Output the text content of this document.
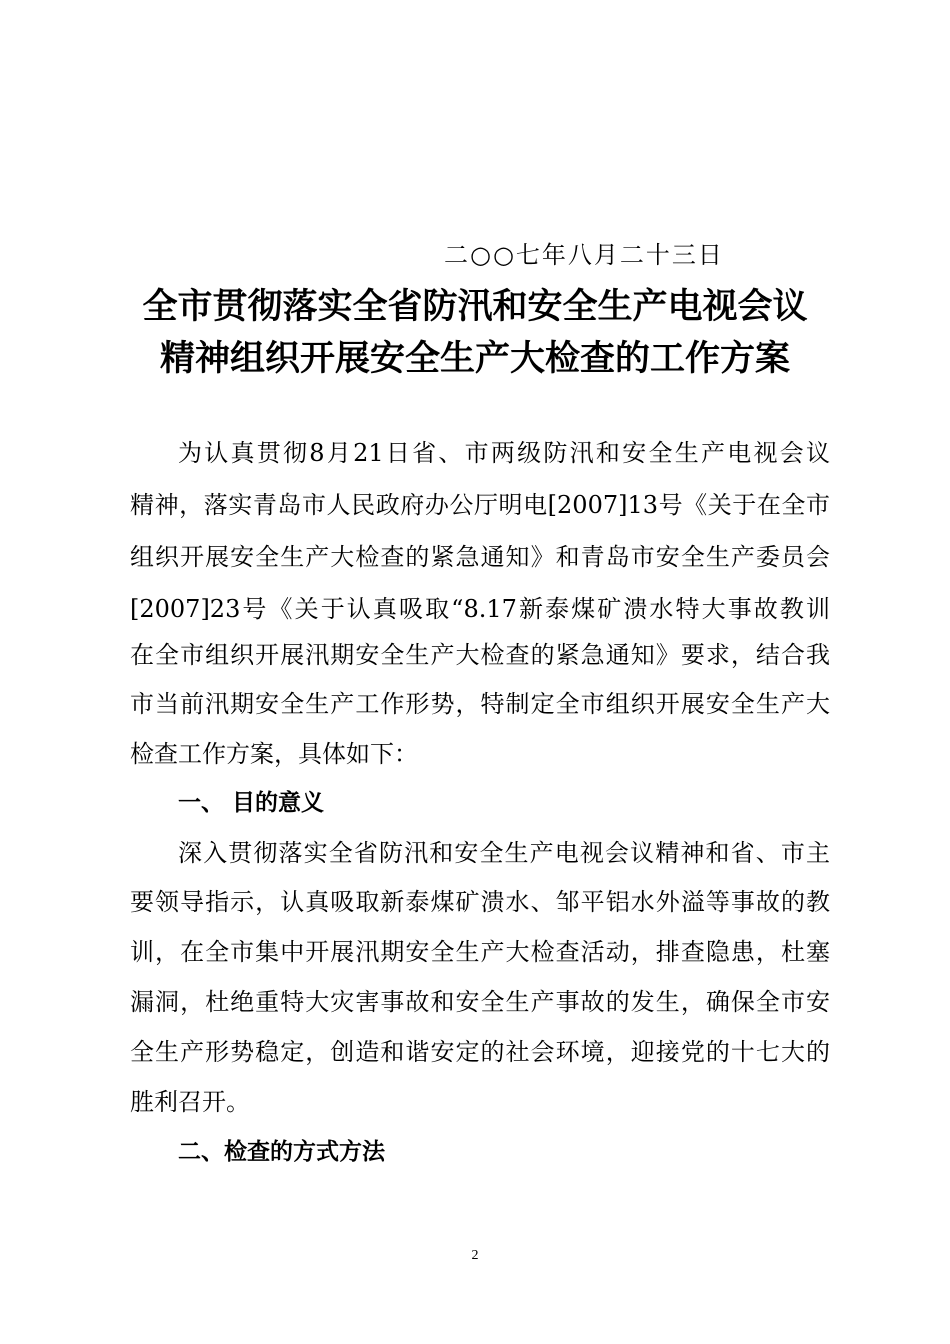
二○○七年八月二十三日
全市贯彻落实全省防汛和安全生产电视会议
精神组织开展安全生产大检查的工作方案
为认真贯彻8月21日省、市两级防汛和安全生产电视会议
精神，落实青岛市人民政府办公厅明电[2007]13号《关于在全市
组织开展安全生产大检查的紧急通知》和青岛市安全生产委员会
[2007]23号《关于认真吸取“8.17新泰煤矿溃水特大事故教训
在全市组织开展汛期安全生产大检查的紧急通知》要求，结合我
市当前汛期安全生产工作形势，特制定全市组织开展安全生产大
检查工作方案，具体如下：
一、 目的意义
深入贯彻落实全省防汛和安全生产电视会议精神和省、市主
要领导指示，认真吸取新泰煤矿溃水、邹平铝水外溢等事故的教
训，在全市集中开展汛期安全生产大检查活动，排查隐患，杜塞
漏洞，杜绝重特大灾害事故和安全生产事故的发生，确保全市安
全生产形势稳定，创造和谐安定的社会环境，迎接党的十七大的
胜利召开。
二、检查的方式方法
2
